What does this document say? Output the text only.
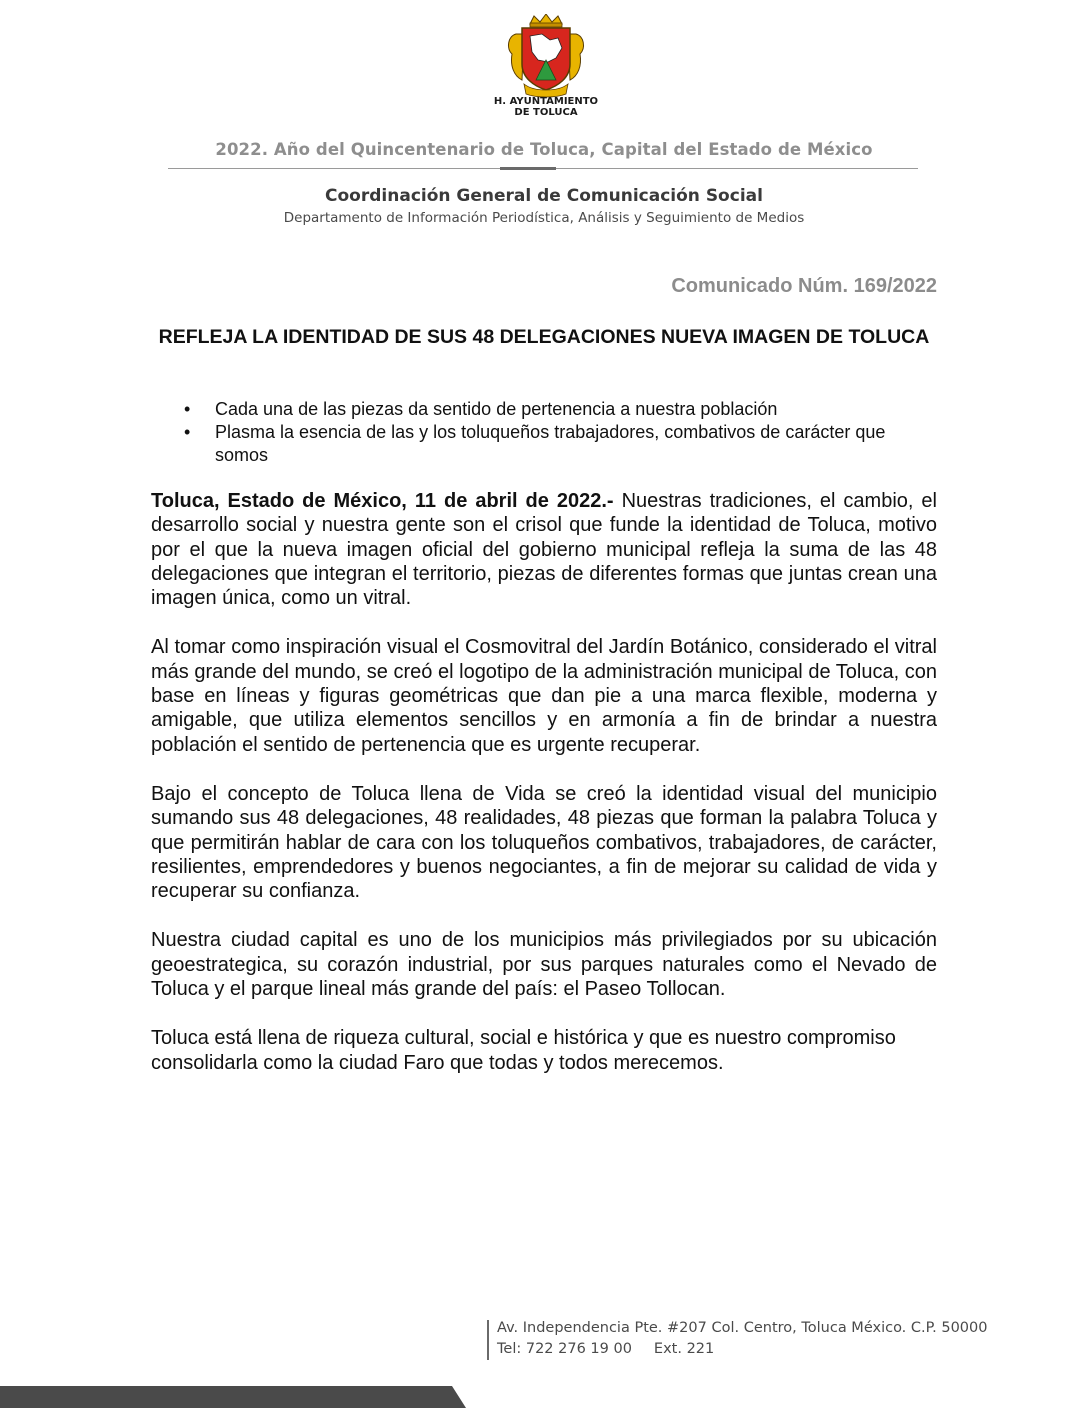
H. AYUNTAMIENTO
DE TOLUCA
2022. Año del Quincentenario de Toluca, Capital del Estado de México
Coordinación General de Comunicación Social
Departamento de Información Periodística, Análisis y Seguimiento de Medios
Comunicado Núm. 169/2022
REFLEJA LA IDENTIDAD DE SUS 48 DELEGACIONES NUEVA IMAGEN DE TOLUCA
• Cada una de las piezas da sentido de pertenencia a nuestra población
• Plasma la esencia de las y los toluqueños trabajadores, combativos de carácter que somos

Toluca, Estado de México, 11 de abril de 2022.- Nuestras tradiciones, el cambio, el desarrollo social y nuestra gente son el crisol que funde la identidad de Toluca, motivo por el que la nueva imagen oficial del gobierno municipal refleja la suma de las 48 delegaciones que integran el territorio, piezas de diferentes formas que juntas crean una imagen única, como un vitral.

Al tomar como inspiración visual el Cosmovitral del Jardín Botánico, considerado el vitral más grande del mundo, se creó el logotipo de la administración municipal de Toluca, con base en líneas y figuras geométricas que dan pie a una marca flexible, moderna y amigable, que utiliza elementos sencillos y en armonía a fin de brindar a nuestra población el sentido de pertenencia que es urgente recuperar.

Bajo el concepto de Toluca llena de Vida se creó la identidad visual del municipio sumando sus 48 delegaciones, 48 realidades, 48 piezas que forman la palabra Toluca y que permitirán hablar de cara con los toluqueños combativos, trabajadores, de carácter, resilientes, emprendedores y buenos negociantes, a fin de mejorar su calidad de vida y recuperar su confianza.

Nuestra ciudad capital es uno de los municipios más privilegiados por su ubicación geoestrategica, su corazón industrial, por sus parques naturales como el Nevado de Toluca y el parque lineal más grande del país: el Paseo Tollocan.

Toluca está llena de riqueza cultural, social e histórica y que es nuestro compromiso consolidarla como la ciudad Faro que todas y todos merecemos.

Av. Independencia Pte. #207 Col. Centro, Toluca México. C.P. 50000
Tel: 722 276 19 00 Ext. 221
